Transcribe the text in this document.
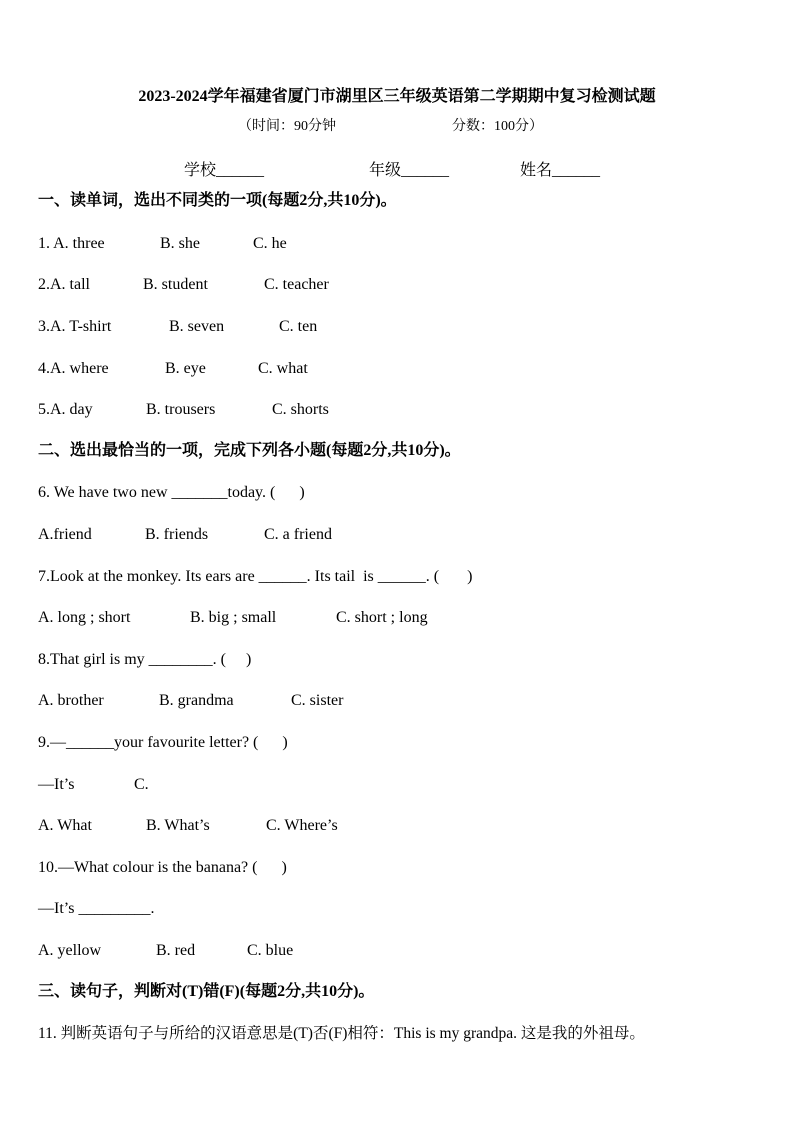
2023-2024学年福建省厦门市湖里区三年级英语第二学期期中复习检测试题
（时间：90分钟	分数：100分）
学校______	年级______	姓名______
一、读单词，选出不同类的一项(每题2分,共10分)。
1. A. three	B. she	C. he
2.A. tall	B. student	C. teacher
3.A. T-shirt	B. seven	C. ten
4.A. where	B. eye	C. what
5.A. day	B. trousers	C. shorts
二、选出最恰当的一项，完成下列各小题(每题2分,共10分)。
6. We have two new _______today. (      )
A.friend	B. friends	C. a friend
7.Look at the monkey. Its ears are ______. Its tail  is ______. (       )
A. long ; short	B. big ; small	C. short ; long
8.That girl is my ________. (     )
A. brother	B. grandma	C. sister
9.—______your favourite letter? (      )
—It’s	C.
A. What	B. What’s	C. Where’s
10.—What colour is the banana? (      )
—It’s _________.
A. yellow	B. red	C. blue
三、读句子，判断对(T)错(F)(每题2分,共10分)。
11. 判断英语句子与所给的汉语意思是(T)否(F)相符：This is my grandpa. 这是我的外祖母。
